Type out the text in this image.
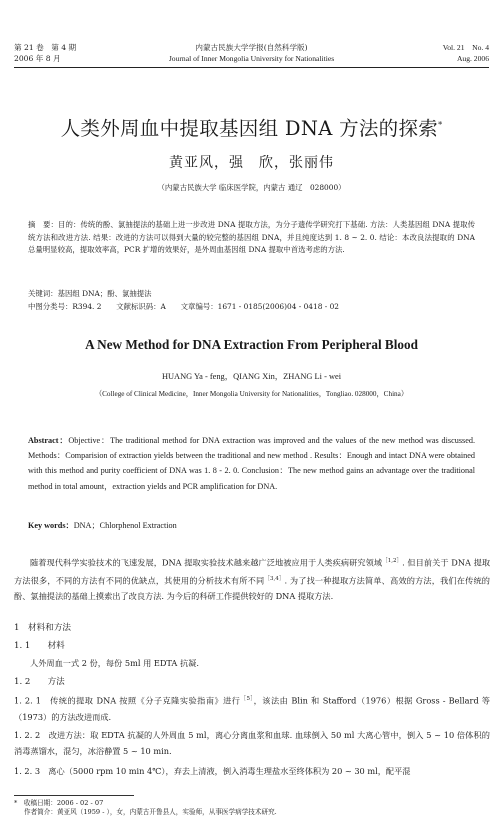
第 21 卷　第 4 期
2006 年 8 月
内蒙古民族大学学报(自然科学版)
Journal of Inner Mongolia University for Nationalities
Vol. 21　No. 4
Aug. 2006
人类外周血中提取基因组 DNA 方法的探索*
黄亚风，强　欣，张丽伟
（内蒙古民族大学 临床医学院，内蒙古 通辽　028000）
摘　要：目的：传统的酚、氯抽提法的基础上进一步改进 DNA 提取方法，为分子遗传学研究打下基础. 方法：人类基因组 DNA 提取传统方法和改进方法. 结果：改进的方法可以得到大量的较完整的基因组 DNA，并且纯度达到 1. 8 ~ 2. 0. 结论：本改良法提取的 DNA 总量明显较高，提取效率高，PCR 扩增的效果好，是外周血基因组 DNA 提取中首选考虑的方法.
关键词：基因组 DNA；酚、氯抽提法
中图分类号：R394. 2　　文献标识码：A　　文章编号：1671 - 0185(2006)04 - 0418 - 02
A New Method for DNA Extraction From Peripheral Blood
HUANG Ya - feng，QIANG Xin，ZHANG Li - wei
（College of Clinical Medicine，Inner Mongolia University for Nationalities，Tongliao. 028000，China）
Abstract：Objective：The traditional method for DNA extraction was improved and the values of the new method was discussed. Methods：Comparision of extraction yields between the traditional and new method . Results：Enough and intact DNA were obtained with this method and purity coefficient of DNA was 1. 8 - 2. 0. Conclusion：The new method gains an advantage over the traditional method in total amount，extraction yields and PCR amplification for DNA.
Key words：DNA；Chlorphenol Extraction
随着现代科学实验技术的飞速发展，DNA 提取实验技术越来越广泛地被应用于人类疾病研究领域$^{[1,2]}$. 但目前关于 DNA 提取方法很多，不同的方法有不同的优缺点，其使用的分析技术有所不同$^{[3,4]}$. 为了找一种提取方法简单、高效的方法，我们在传统的酚、氯抽提法的基础上摸索出了改良方法. 为今后的科研工作提供较好的 DNA 提取方法.
1　材料和方法
1. 1　　材料
人外周血一式 2 份，每份 5ml 用 EDTA 抗凝.
1. 2　　方法
1. 2. 1　 传统的提取 DNA 按照《分子克隆实验指南》进行$^{[5]}$，该法由 Blin 和 Stafford（1976）根据 Gross - Bellard 等（1973）的方法改进而成.
1. 2. 2　 改进方法：取 EDTA 抗凝的人外周血 5 ml，离心分离血浆和血球. 血球倒入 50 ml 大离心管中，倒入 5 ~ 10 倍体积的消毒蒸馏水，混匀，冰浴静置 5 ~ 10 min.
1. 2. 3　 离心（5000 rpm 10 min 4℃），弃去上清液，倒入消毒生理盐水至终体积为 20 ~ 30 ml，配平混
*　 收稿日期：2006 - 02 - 07
作者简介：黄亚风（1959 - ），女，内蒙古开鲁县人，实验师，从事医学病学技术研究.
